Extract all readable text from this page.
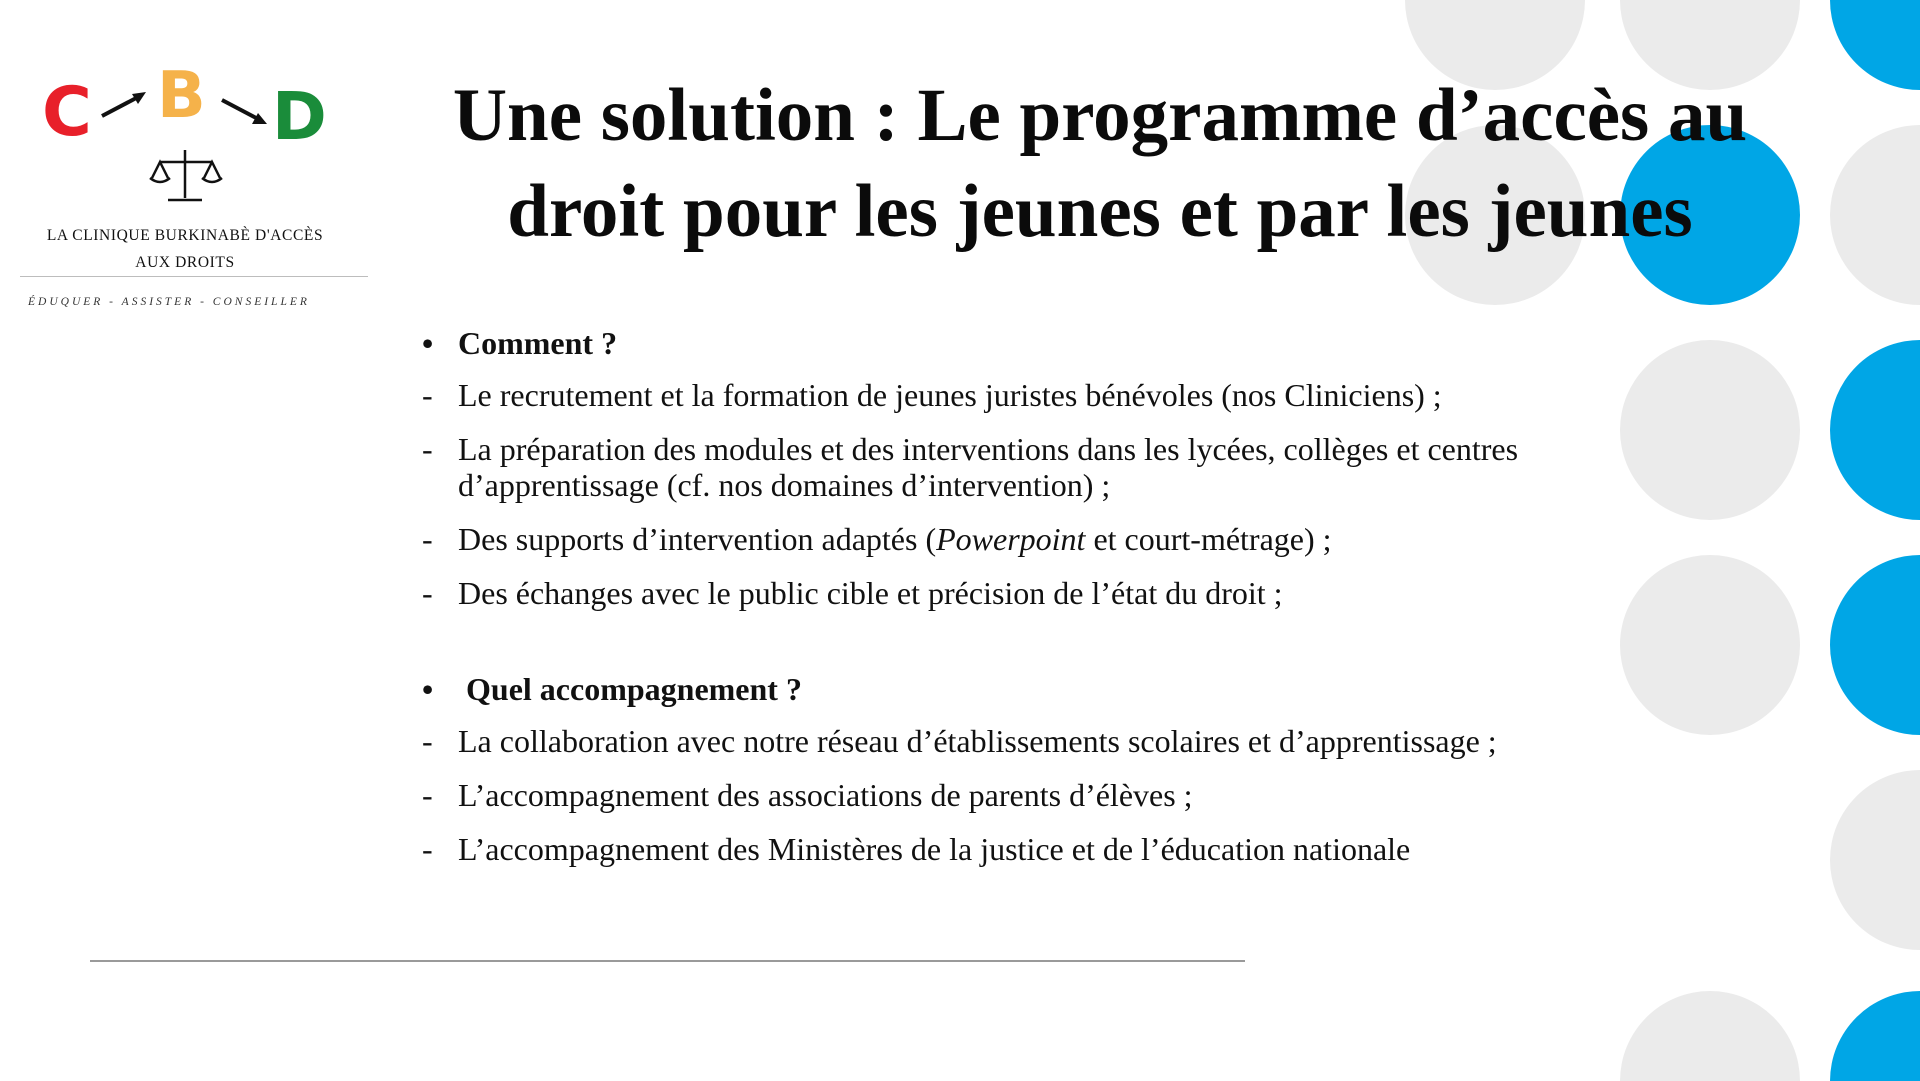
C B D
LA CLINIQUE BURKINABÈ D'ACCÈS
AUX DROITS
ÉDUQUER - ASSISTER - CONSEILLER
Une solution : Le programme d’accès au
droit pour les jeunes et par les jeunes
• Comment ?
- Le recrutement et la formation de jeunes juristes bénévoles (nos Cliniciens) ;
- La préparation des modules et des interventions dans les lycées, collèges et centres d’apprentissage (cf. nos domaines d’intervention) ;
- Des supports d’intervention adaptés (Powerpoint et court-métrage) ;
- Des échanges avec le public cible et précision de l’état du droit ;
• Quel accompagnement ?
- La collaboration avec notre réseau d’établissements scolaires et d’apprentissage ;
- L’accompagnement des associations de parents d’élèves ;
- L’accompagnement des Ministères de la justice et de l’éducation nationale
